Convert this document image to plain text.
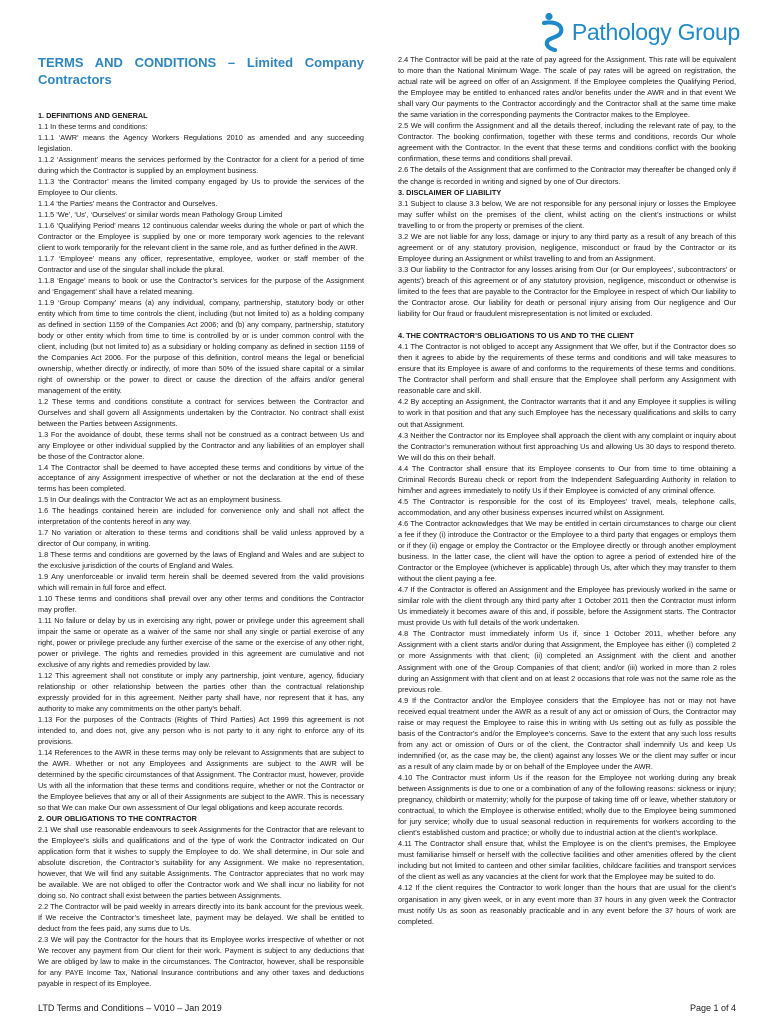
Pathology Group
TERMS AND CONDITIONS – Limited Company
Contractors
1. DEFINITIONS AND GENERAL
1.1 In these terms and conditions:
1.1.1 ‘AWR’ means the Agency Workers Regulations 2010 as amended and any succeeding legislation.
1.1.2 ‘Assignment’ means the services performed by the Contractor for a client for a period of time during which the Contractor is supplied by an employment business.
1.1.3 ‘the Contractor’ means the limited company engaged by Us to provide the services of the Employee to Our clients.
1.1.4 ‘the Parties’ means the Contractor and Ourselves.
1.1.5 ‘We’, ‘Us’, ‘Ourselves’ or similar words mean Pathology Group Limited
1.1.6 ‘Qualifying Period’ means 12 continuous calendar weeks during the whole or part of which the Contractor or the Employee is supplied by one or more temporary work agencies to the relevant client to work temporarily for the relevant client in the same role, and as further defined in the AWR.
1.1.7 ‘Employee’ means any officer, representative, employee, worker or staff member of the Contractor and use of the singular shall include the plural.
1.1.8 ‘Engage’ means to book or use the Contractor’s services for the purpose of the Assignment and ‘Engagement’ shall have a related meaning.
1.1.9 ‘Group Company’ means (a) any individual, company, partnership, statutory body or other entity which from time to time controls the client, including (but not limited to) as a holding company as defined in section 1159 of the Companies Act 2006; and (b) any company, partnership, statutory body or other entity which from time to time is controlled by or is under common control with the client, including (but not limited to) as a subsidiary or holding company as defined in section 1159 of the Companies Act 2006. For the purpose of this definition, control means the legal or beneficial ownership, whether directly or indirectly, of more than 50% of the issued share capital or a similar right of ownership or the power to direct or cause the direction of the affairs and/or general management of the entity.
1.2 These terms and conditions constitute a contract for services between the Contractor and Ourselves and shall govern all Assignments undertaken by the Contractor. No contract shall exist between the Parties between Assignments.
1.3 For the avoidance of doubt, these terms shall not be construed as a contract between Us and any Employee or other individual supplied by the Contractor and any liabilities of an employer shall be those of the Contractor alone.
1.4 The Contractor shall be deemed to have accepted these terms and conditions by virtue of the acceptance of any Assignment irrespective of whether or not the declaration at the end of these terms has been completed.
1.5 In Our dealings with the Contractor We act as an employment business.
1.6 The headings contained herein are included for convenience only and shall not affect the interpretation of the contents hereof in any way.
1.7 No variation or alteration to these terms and conditions shall be valid unless approved by a director of Our company, in writing.
1.8 These terms and conditions are governed by the laws of England and Wales and are subject to the exclusive jurisdiction of the courts of England and Wales.
1.9 Any unenforceable or invalid term herein shall be deemed severed from the valid provisions which will remain in full force and effect.
1.10 These terms and conditions shall prevail over any other terms and conditions the Contractor may proffer.
1.11 No failure or delay by us in exercising any right, power or privilege under this agreement shall impair the same or operate as a waiver of the same nor shall any single or partial exercise of any right, power or privilege preclude any further exercise of the same or the exercise of any other right, power or privilege. The rights and remedies provided in this agreement are cumulative and not exclusive of any rights and remedies provided by law.
1.12 This agreement shall not constitute or imply any partnership, joint venture, agency, fiduciary relationship or other relationship between the parties other than the contractual relationship expressly provided for in this agreement. Neither party shall have, nor represent that it has, any authority to make any commitments on the other party’s behalf.
1.13 For the purposes of the Contracts (Rights of Third Parties) Act 1999 this agreement is not intended to, and does not, give any person who is not party to it any right to enforce any of its provisions.
1.14 References to the AWR in these terms may only be relevant to Assignments that are subject to the AWR. Whether or not any Employees and Assignments are subject to the AWR will be determined by the specific circumstances of that Assignment. The Contractor must, however, provide Us with all the information that these terms and conditions require, whether or not the Contractor or the Employee believes that any or all of their Assignments are subject to the AWR. This is necessary so that We can make Our own assessment of Our legal obligations and keep accurate records.
2. OUR OBLIGATIONS TO THE CONTRACTOR
2.1 We shall use reasonable endeavours to seek Assignments for the Contractor that are relevant to the Employee’s skills and qualifications and of the type of work the Contractor indicated on Our application form that it wishes to supply the Employee to do. We shall determine, in Our sole and absolute discretion, the Contractor’s suitability for any Assignment. We make no representation, however, that We will find any suitable Assignments. The Contractor appreciates that no work may be available. We are not obliged to offer the Contractor work and We shall incur no liability for not doing so. No contract shall exist between the parties between Assignments.
2.2 The Contractor will be paid weekly in arrears directly into its bank account for the previous week. If We receive the Contractor’s timesheet late, payment may be delayed. We shall be entitled to deduct from the fees paid, any sums due to Us.
2.3 We will pay the Contractor for the hours that its Employee works irrespective of whether or not We recover any payment from Our client for their work. Payment is subject to any deductions that We are obliged by law to make in the circumstances. The Contractor, however, shall be responsible for any PAYE Income Tax, National Insurance contributions and any other taxes and deductions payable in respect of its Employee.
2.4 The Contractor will be paid at the rate of pay agreed for the Assignment. This rate will be equivalent to more than the National Minimum Wage. The scale of pay rates will be agreed on registration, the actual rate will be agreed on offer of an Assignment. If the Employee completes the Qualifying Period, the Employee may be entitled to enhanced rates and/or benefits under the AWR and in that event We shall vary Our payments to the Contractor accordingly and the Contractor shall at the same time make the same variation in the corresponding payments the Contractor makes to the Employee.
2.5 We will confirm the Assignment and all the details thereof, including the relevant rate of pay, to the Contractor. The booking confirmation, together with these terms and conditions, records Our whole agreement with the Contractor. In the event that these terms and conditions conflict with the booking confirmation, these terms and conditions shall prevail.
2.6 The details of the Assignment that are confirmed to the Contractor may thereafter be changed only if the change is recorded in writing and signed by one of Our directors.
3. DISCLAIMER OF LIABILITY
3.1 Subject to clause 3.3 below, We are not responsible for any personal injury or losses the Employee may suffer whilst on the premises of the client, whilst acting on the client’s instructions or whilst travelling to or from the property or premises of the client.
3.2 We are not liable for any loss, damage or injury to any third party as a result of any breach of this agreement or of any statutory provision, negligence, misconduct or fraud by the Contractor or its Employee during an Assignment or whilst travelling to and from an Assignment.
3.3 Our liability to the Contractor for any losses arising from Our (or Our employees’, subcontractors’ or agents’) breach of this agreement or of any statutory provision, negligence, misconduct or otherwise is limited to the fees that are payable to the Contractor for the Employee in respect of which Our liability to the Contractor arose. Our liability for death or personal injury arising from Our negligence and Our liability for Our fraud or fraudulent misrepresentation is not limited or excluded.
4. THE CONTRACTOR’S OBLIGATIONS TO US AND TO THE CLIENT
4.1 The Contractor is not obliged to accept any Assignment that We offer, but if the Contractor does so then it agrees to abide by the requirements of these terms and conditions and will take measures to ensure that its Employee is aware of and conforms to the requirements of these terms and conditions. The Contractor shall perform and shall ensure that the Employee shall perform any Assignment with reasonable care and skill.
4.2 By accepting an Assignment, the Contractor warrants that it and any Employee it supplies is willing to work in that position and that any such Employee has the necessary qualifications and skills to carry out that Assignment.
4.3 Neither the Contractor nor its Employee shall approach the client with any complaint or inquiry about the Contractor’s remuneration without first approaching Us and allowing Us 30 days to respond thereto. We will do this on their behalf.
4.4 The Contractor shall ensure that its Employee consents to Our from time to time obtaining a Criminal Records Bureau check or report from the Independent Safeguarding Authority in relation to him/her and agrees immediately to notify Us if their Employee is convicted of any criminal offence.
4.5 The Contractor is responsible for the cost of its Employees’ travel, meals, telephone calls, accommodation, and any other business expenses incurred whilst on Assignment.
4.6 The Contractor acknowledges that We may be entitled in certain circumstances to charge our client a fee if they (i) introduce the Contractor or the Employee to a third party that engages or employs them or if they (ii) engage or employ the Contractor or the Employee directly or through another employment business. In the latter case, the client will have the option to agree a period of extended hire of the Contractor or the Employee (whichever is applicable) through Us, after which they may transfer to them without the client paying a fee.
4.7 If the Contractor is offered an Assignment and the Employee has previously worked in the same or similar role with the client through any third party after 1 October 2011 then the Contractor must inform Us immediately it becomes aware of this and, if possible, before the Assignment starts. The Contractor must provide Us with full details of the work undertaken.
4.8 The Contractor must immediately inform Us if, since 1 October 2011, whether before any Assignment with a client starts and/or during that Assignment, the Employee has either (i) completed 2 or more Assignments with that client; (ii) completed an Assignment with the client and another Assignment with one of the Group Companies of that client; and/or (iii) worked in more than 2 roles during an Assignment with that client and on at least 2 occasions that role was not the same role as the previous role.
4.9 If the Contractor and/or the Employee considers that the Employee has not or may not have received equal treatment under the AWR as a result of any act or omission of Ours, the Contractor may raise or may request the Employee to raise this in writing with Us setting out as fully as possible the basis of the Contractor’s and/or the Employee’s concerns. Save to the extent that any such loss results from any act or omission of Ours or of the client, the Contractor shall indemnify Us and keep Us indemnified (or, as the case may be, the client) against any losses We or the client may suffer or incur as a result of any claim made by or on behalf of the Employee under the AWR.
4.10 The Contractor must inform Us if the reason for the Employee not working during any break between Assignments is due to one or a combination of any of the following reasons: sickness or injury; pregnancy, childbirth or maternity; wholly for the purpose of taking time off or leave, whether statutory or contractual, to which the Employee is otherwise entitled; wholly due to the Employee being summoned for jury service; wholly due to usual seasonal reduction in requirements for workers according to the client’s established custom and practice; or wholly due to industrial action at the client’s workplace.
4.11 The Contractor shall ensure that, whilst the Employee is on the client’s premises, the Employee must familiarise himself or herself with the collective facilities and other amenities offered by the client including but not limited to canteen and other similar facilities, childcare facilities and transport services of the client as well as any vacancies at the client for work that the Employee may be suited to do.
4.12 If the client requires the Contractor to work longer than the hours that are usual for the client’s organisation in any given week, or in any event more than 37 hours in any given week the Contractor must notify Us as soon as reasonably practicable and in any event before the 37 hours of work are completed.
LTD Terms and Conditions – V010 – Jan 2019	Page 1 of 4
